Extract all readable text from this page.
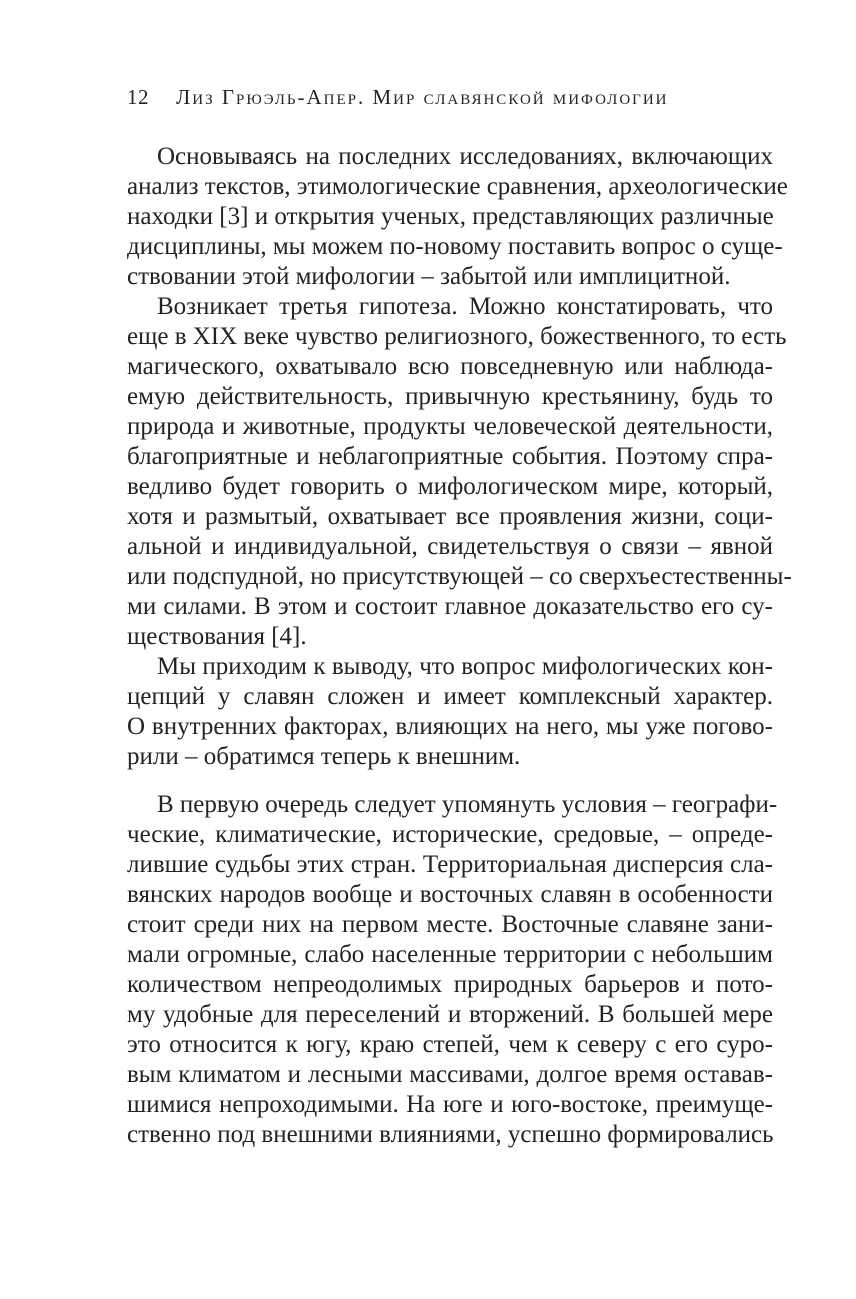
12 Лиз Грюэль-Апер. Мир славянской мифологии
Основываясь на последних исследованиях, включающих
анализ текстов, этимологические сравнения, археологические
находки [3] и открытия ученых, представляющих различные
дисциплины, мы можем по-новому поставить вопрос о суще-
ствовании этой мифологии – забытой или имплицитной.
Возникает третья гипотеза. Можно констатировать, что
еще в XIX веке чувство религиозного, божественного, то есть
магического, охватывало всю повседневную или наблюда-
емую действительность, привычную крестьянину, будь то
природа и животные, продукты человеческой деятельности,
благоприятные и неблагоприятные события. Поэтому спра-
ведливо будет говорить о мифологическом мире, который,
хотя и размытый, охватывает все проявления жизни, соци-
альной и индивидуальной, свидетельствуя о связи – явной
или подспудной, но присутствующей – со сверхъестественны-
ми силами. В этом и состоит главное доказательство его су-
ществования [4].
Мы приходим к выводу, что вопрос мифологических кон-
цепций у славян сложен и имеет комплексный характер.
О внутренних факторах, влияющих на него, мы уже погово-
рили – обратимся теперь к внешним.
В первую очередь следует упомянуть условия – географи-
ческие, климатические, исторические, средовые, – опреде-
лившие судьбы этих стран. Территориальная дисперсия сла-
вянских народов вообще и восточных славян в особенности
стоит среди них на первом месте. Восточные славяне зани-
мали огромные, слабо населенные территории с небольшим
количеством непреодолимых природных барьеров и пото-
му удобные для переселений и вторжений. В большей мере
это относится к югу, краю степей, чем к северу с его суро-
вым климатом и лесными массивами, долгое время оставав-
шимися непроходимыми. На юге и юго-востоке, преимуще-
ственно под внешними влияниями, успешно формировались
